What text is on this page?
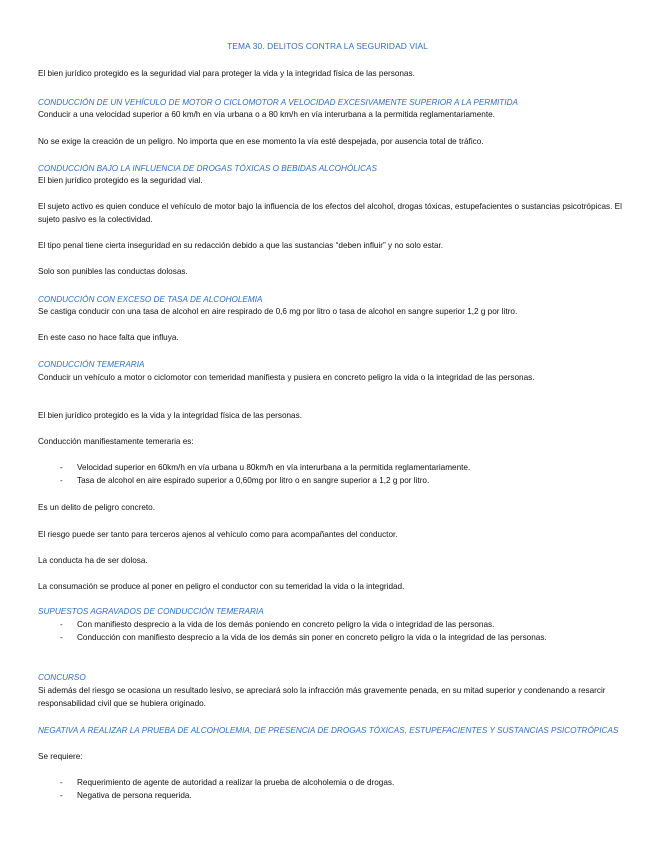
TEMA 30. DELITOS CONTRA LA SEGURIDAD VIAL
El bien jurídico protegido es la seguridad vial para proteger la vida y la integridad física de las personas.
CONDUCCIÓN DE UN VEHÍCULO DE MOTOR O CICLOMOTOR A VELOCIDAD EXCESIVAMENTE SUPERIOR A LA PERMITIDA
Conducir a una velocidad superior a 60 km/h en vía urbana o a 80 km/h en vía interurbana a la permitida reglamentariamente.
No se exige la creación de un peligro. No importa que en ese momento la vía esté despejada, por ausencia total de tráfico.
CONDUCCIÓN BAJO LA INFLUENCIA DE DROGAS TÓXICAS O BEBIDAS ALCOHÓLICAS
El bien jurídico protegido es la seguridad vial.
El sujeto activo es quien conduce el vehículo de motor bajo la influencia de los efectos del alcohol, drogas tóxicas, estupefacientes o sustancias psicotrópicas. El sujeto pasivo es la colectividad.
El tipo penal tiene cierta inseguridad en su redacción debido a que las sustancias “deben influir” y no solo estar.
Solo son punibles las conductas dolosas.
CONDUCCIÓN CON EXCESO DE TASA DE ALCOHOLEMIA
Se castiga conducir con una tasa de alcohol en aire respirado de 0,6 mg por litro o tasa de alcohol en sangre superior 1,2 g por litro.
En este caso no hace falta que influya.
CONDUCCIÓN TEMERARIA
Conducir un vehículo a motor o ciclomotor con temeridad manifiesta y pusiera en concreto peligro la vida o la integridad de las personas.
El bien jurídico protegido es la vida y la integridad física de las personas.
Conducción manifiestamente temeraria es:
- Velocidad superior en 60km/h en vía urbana u 80km/h en vía interurbana a la permitida reglamentariamente.
- Tasa de alcohol en aire espirado superior a 0,60mg por litro o en sangre superior a 1,2 g por litro.
Es un delito de peligro concreto.
El riesgo puede ser tanto para terceros ajenos al vehículo como para acompañantes del conductor.
La conducta ha de ser dolosa.
La consumación se produce al poner en peligro el conductor con su temeridad la vida o la integridad.
SUPUESTOS AGRAVADOS DE CONDUCCIÓN TEMERARIA
- Con manifiesto desprecio a la vida de los demás poniendo en concreto peligro la vida o integridad de las personas.
- Conducción con manifiesto desprecio a la vida de los demás sin poner en concreto peligro la vida o la integridad de las personas.
CONCURSO
Si además del riesgo se ocasiona un resultado lesivo, se apreciará solo la infracción más gravemente penada, en su mitad superior y condenando a resarcir responsabilidad civil que se hubiera originado.
NEGATIVA A REALIZAR LA PRUEBA DE ALCOHOLEMIA, DE PRESENCIA DE DROGAS TÓXICAS, ESTUPEFACIENTES Y SUSTANCIAS PSICOTRÓPICAS
Se requiere:
- Requerimiento de agente de autoridad a realizar la prueba de alcoholemia o de drogas.
- Negativa de persona requerida.
